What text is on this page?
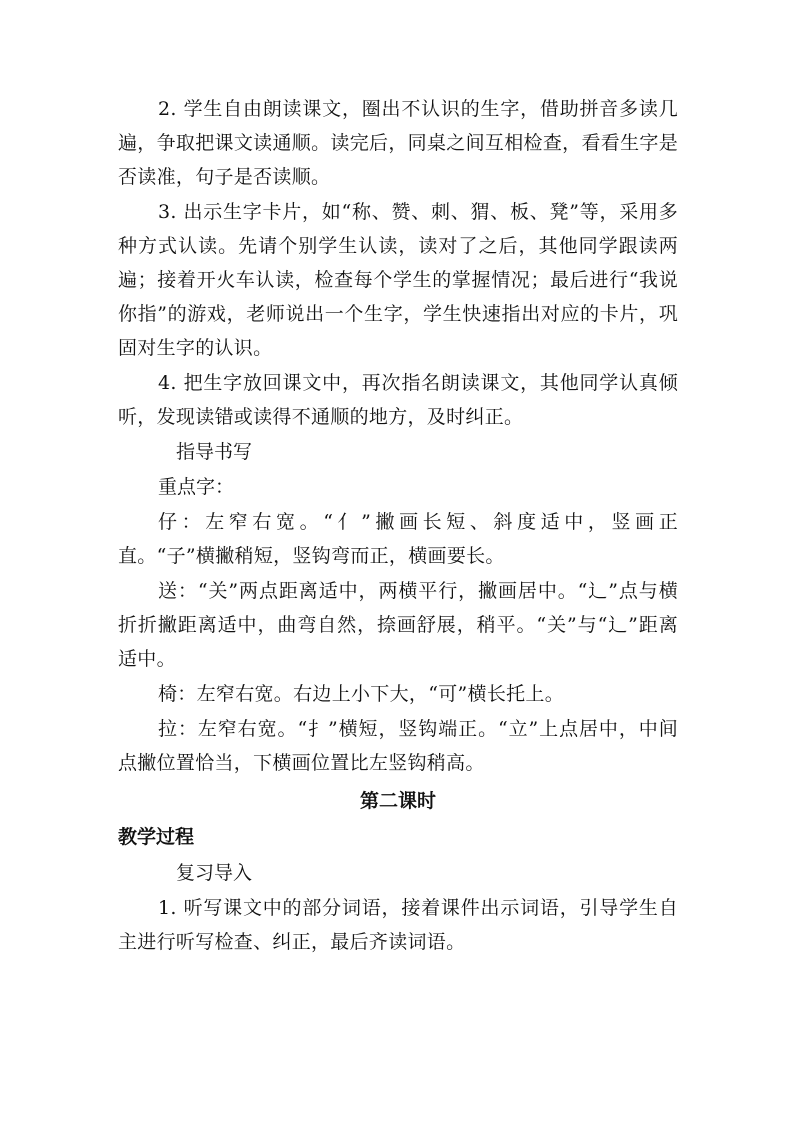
2. 学生自由朗读课文，圈出不认识的生字，借助拼音多读几遍，争取把课文读通顺。读完后，同桌之间互相检查，看看生字是否读准，句子是否读顺。

3. 出示生字卡片，如“称、赞、刺、猬、板、凳”等，采用多种方式认读。先请个别学生认读，读对了之后，其他同学跟读两遍；接着开火车认读，检查每个学生的掌握情况；最后进行“我说你指”的游戏，老师说出一个生字，学生快速指出对应的卡片，巩固对生字的认识。

4. 把生字放回课文中，再次指名朗读课文，其他同学认真倾听，发现读错或读得不通顺的地方，及时纠正。

指导书写
重点字：

仔：左窄右宽。“亻”撇画长短、斜度适中，竖画正直。“子”横撇稍短，竖钩弯而正，横画要长。

送：“关”两点距离适中，两横平行，撇画居中。“辶”点与横折折撇距离适中，曲弯自然，捺画舒展，稍平。“关”与“辶”距离适中。

椅：左窄右宽。右边上小下大，“可”横长托上。

拉：左窄右宽。“扌”横短，竖钩端正。“立”上点居中，中间点撇位置恰当，下横画位置比左竖钩稍高。

第二课时
教学过程
复习导入

1. 听写课文中的部分词语，接着课件出示词语，引导学生自主进行听写检查、纠正，最后齐读词语。
